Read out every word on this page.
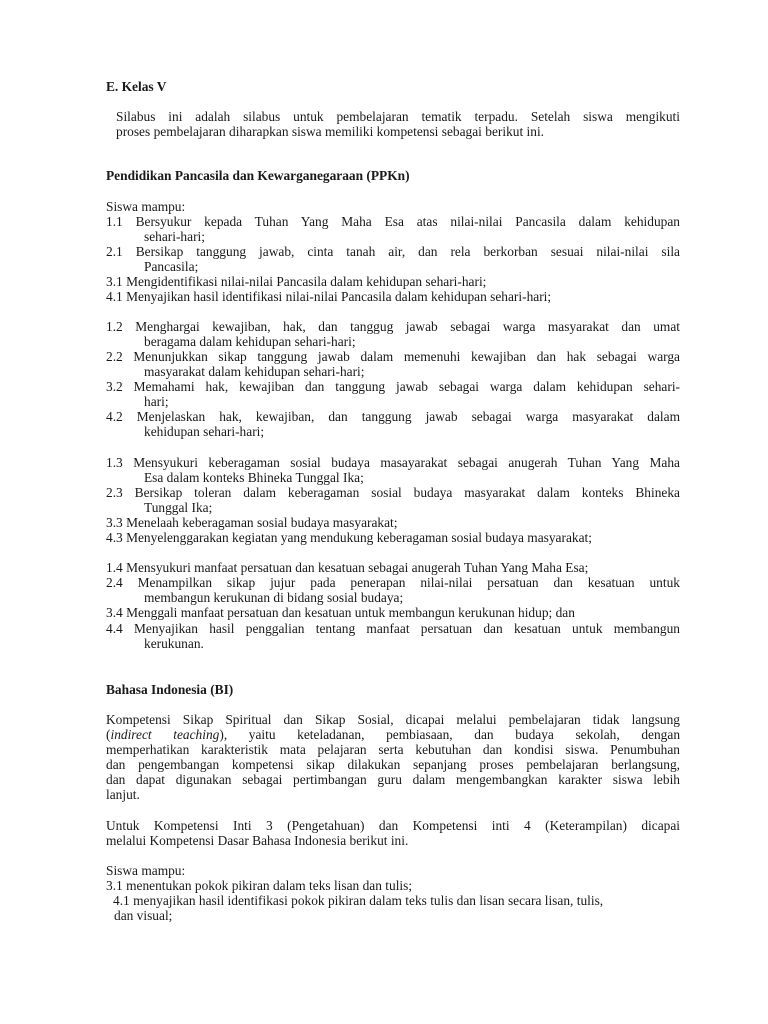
E. Kelas V
Silabus ini adalah silabus untuk pembelajaran tematik terpadu. Setelah siswa mengikuti
proses pembelajaran diharapkan siswa memiliki kompetensi sebagai berikut ini.
Pendidikan Pancasila dan Kewarganegaraan (PPKn)
Siswa mampu:
1.1 Bersyukur kepada Tuhan Yang Maha Esa atas nilai-nilai Pancasila dalam kehidupan
sehari-hari;
2.1 Bersikap tanggung jawab, cinta tanah air, dan rela berkorban sesuai nilai-nilai sila
Pancasila;
3.1 Mengidentifikasi nilai-nilai Pancasila dalam kehidupan sehari-hari;
4.1 Menyajikan hasil identifikasi nilai-nilai Pancasila dalam kehidupan sehari-hari;
1.2 Menghargai kewajiban, hak, dan tanggug jawab sebagai warga masyarakat dan umat
beragama dalam kehidupan sehari-hari;
2.2 Menunjukkan sikap tanggung jawab dalam memenuhi kewajiban dan hak sebagai warga
masyarakat dalam kehidupan sehari-hari;
3.2 Memahami hak, kewajiban dan tanggung jawab sebagai warga dalam kehidupan sehari-
hari;
4.2 Menjelaskan hak, kewajiban, dan tanggung jawab sebagai warga masyarakat dalam
kehidupan sehari-hari;
1.3 Mensyukuri keberagaman sosial budaya masayarakat sebagai anugerah Tuhan Yang Maha
Esa dalam konteks Bhineka Tunggal Ika;
2.3 Bersikap toleran dalam keberagaman sosial budaya masyarakat dalam konteks Bhineka
Tunggal Ika;
3.3 Menelaah keberagaman sosial budaya masyarakat;
4.3 Menyelenggarakan kegiatan yang mendukung keberagaman sosial budaya masyarakat;
1.4 Mensyukuri manfaat persatuan dan kesatuan sebagai anugerah Tuhan Yang Maha Esa;
2.4 Menampilkan sikap jujur pada penerapan nilai-nilai persatuan dan kesatuan untuk
membangun kerukunan di bidang sosial budaya;
3.4 Menggali manfaat persatuan dan kesatuan untuk membangun kerukunan hidup; dan
4.4 Menyajikan hasil penggalian tentang manfaat persatuan dan kesatuan untuk membangun
kerukunan.
Bahasa Indonesia (BI)
Kompetensi Sikap Spiritual dan Sikap Sosial, dicapai melalui pembelajaran tidak langsung
(indirect teaching), yaitu keteladanan, pembiasaan, dan budaya sekolah, dengan
memperhatikan karakteristik mata pelajaran serta kebutuhan dan kondisi siswa. Penumbuhan
dan pengembangan kompetensi sikap dilakukan sepanjang proses pembelajaran berlangsung,
dan dapat digunakan sebagai pertimbangan guru dalam mengembangkan karakter siswa lebih
lanjut.
Untuk Kompetensi Inti 3 (Pengetahuan) dan Kompetensi inti 4 (Keterampilan) dicapai
melalui Kompetensi Dasar Bahasa Indonesia berikut ini.
Siswa mampu:
3.1 menentukan pokok pikiran dalam teks lisan dan tulis;
4.1 menyajikan hasil identifikasi pokok pikiran dalam teks tulis dan lisan secara lisan, tulis,
dan visual;
